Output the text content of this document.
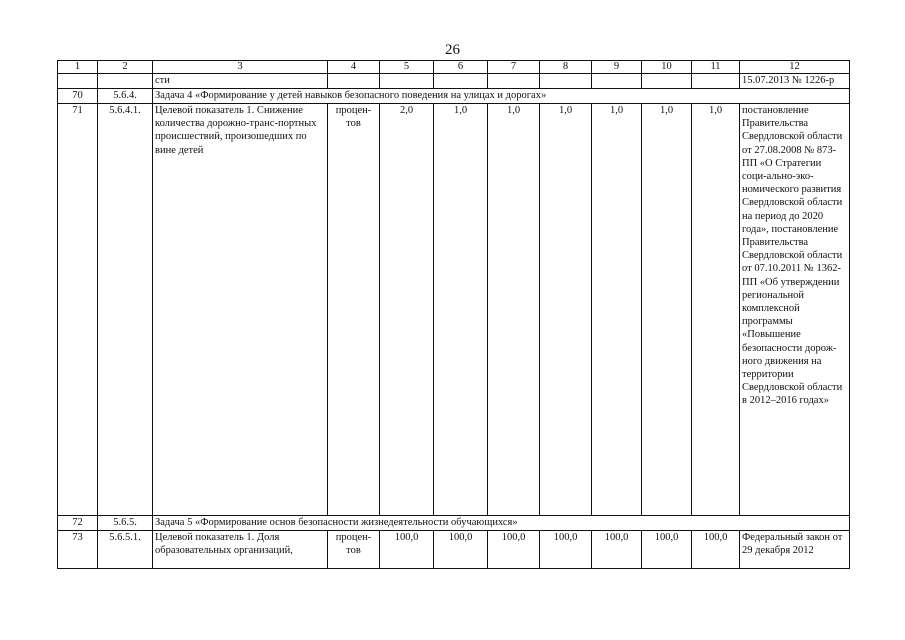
26
1	2	3	4	5	6	7	8	9	10	11	12
		сти									15.07.2013 № 1226-р
70	5.6.4.	Задача 4 «Формирование у детей навыков безопасного поведения на улицах и дорогах»									
71	5.6.4.1.	Целевой показатель 1. Снижение количества дорожно-транс-портных происшествий, произошедших по вине детей	процен-тов	2,0	1,0	1,0	1,0	1,0	1,0	1,0	постановление Правительства Свердловской области от 27.08.2008 № 873-ПП «О Стратегии соци-ально-эко-номического развития Свердловской области на период до 2020 года», постановление Правительства Свердловской области от 07.10.2011 № 1362-ПП «Об утверждении региональной комплексной программы «Повышение безопасности дорож-ного движения на территории Свердловской области в 2012–2016 годах»
72	5.6.5.	Задача 5 «Формирование основ безопасности жизнедеятельности обучающихся»									
73	5.6.5.1.	Целевой показатель 1. Доля образовательных организаций,	процен-тов	100,0	100,0	100,0	100,0	100,0	100,0	100,0	Федеральный закон от 29 декабря 2012
